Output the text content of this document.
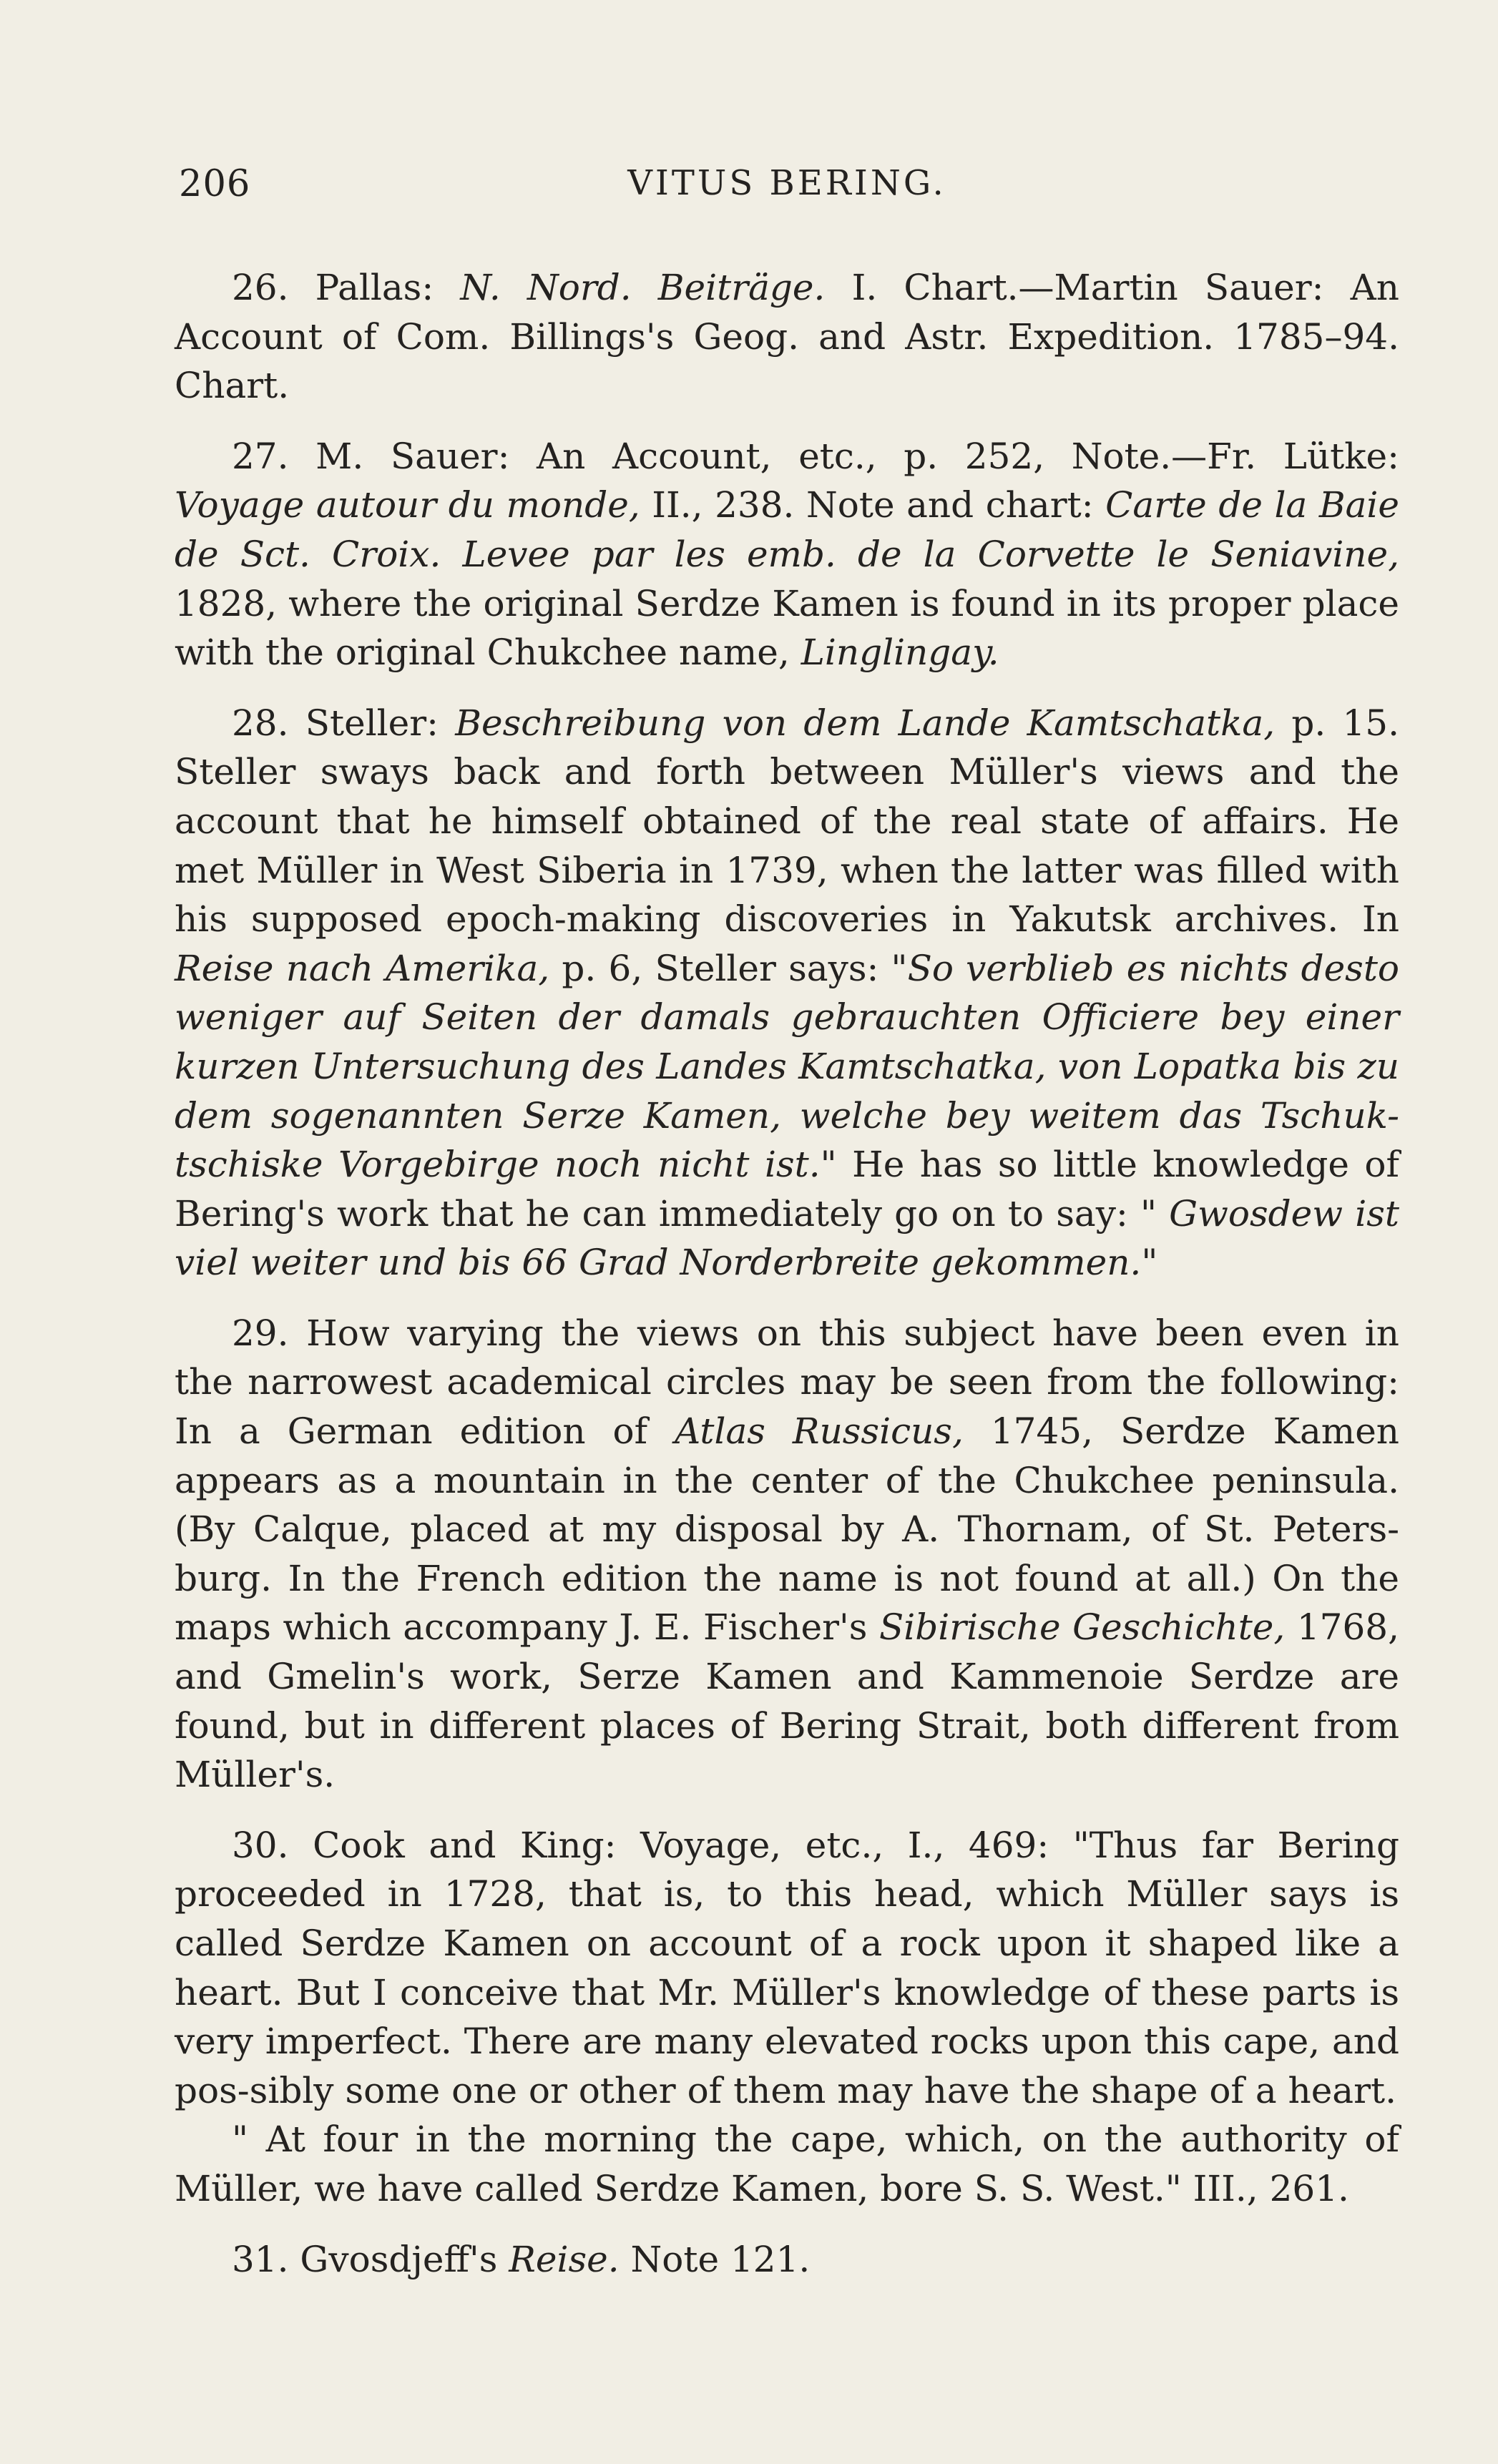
206	VITUS BERING.

26. Pallas: N. Nord. Beiträge. I. Chart.—Martin Sauer: An Account of Com. Billings's Geog. and Astr. Expedition. 1785–94. Chart.

27. M. Sauer: An Account, etc., p. 252, Note.—Fr. Lütke: Voyage autour du monde, II., 238. Note and chart: Carte de la Baie de Sct. Croix. Levee par les emb. de la Corvette le Seniavine, 1828, where the original Serdze Kamen is found in its proper place with the original Chukchee name, Linglingay.

28. Steller: Beschreibung von dem Lande Kamtschatka, p. 15. Steller sways back and forth between Müller's views and the account that he himself obtained of the real state of affairs. He met Müller in West Siberia in 1739, when the latter was filled with his supposed epoch-making discoveries in Yakutsk archives. In Reise nach Amerika, p. 6, Steller says: "So verblieb es nichts desto weniger auf Seiten der damals gebrauchten Officiere bey einer kurzen Untersuchung des Landes Kamtschatka, von Lopatka bis zu dem sogenannten Serze Kamen, welche bey weitem das Tschuk-tschiske Vorgebirge noch nicht ist." He has so little knowledge of Bering's work that he can immediately go on to say: " Gwosdew ist viel weiter und bis 66 Grad Norderbreite gekommen."

29. How varying the views on this subject have been even in the narrowest academical circles may be seen from the following: In a German edition of Atlas Russicus, 1745, Serdze Kamen appears as a mountain in the center of the Chukchee peninsula. (By Calque, placed at my disposal by A. Thornam, of St. Peters-burg. In the French edition the name is not found at all.) On the maps which accompany J. E. Fischer's Sibirische Geschichte, 1768, and Gmelin's work, Serze Kamen and Kammenoie Serdze are found, but in different places of Bering Strait, both different from Müller's.

30. Cook and King: Voyage, etc., I., 469: "Thus far Bering proceeded in 1728, that is, to this head, which Müller says is called Serdze Kamen on account of a rock upon it shaped like a heart. But I conceive that Mr. Müller's knowledge of these parts is very imperfect. There are many elevated rocks upon this cape, and pos-sibly some one or other of them may have the shape of a heart.

" At four in the morning the cape, which, on the authority of Müller, we have called Serdze Kamen, bore S. S. West." III., 261.

31. Gvosdjeff's Reise. Note 121.
